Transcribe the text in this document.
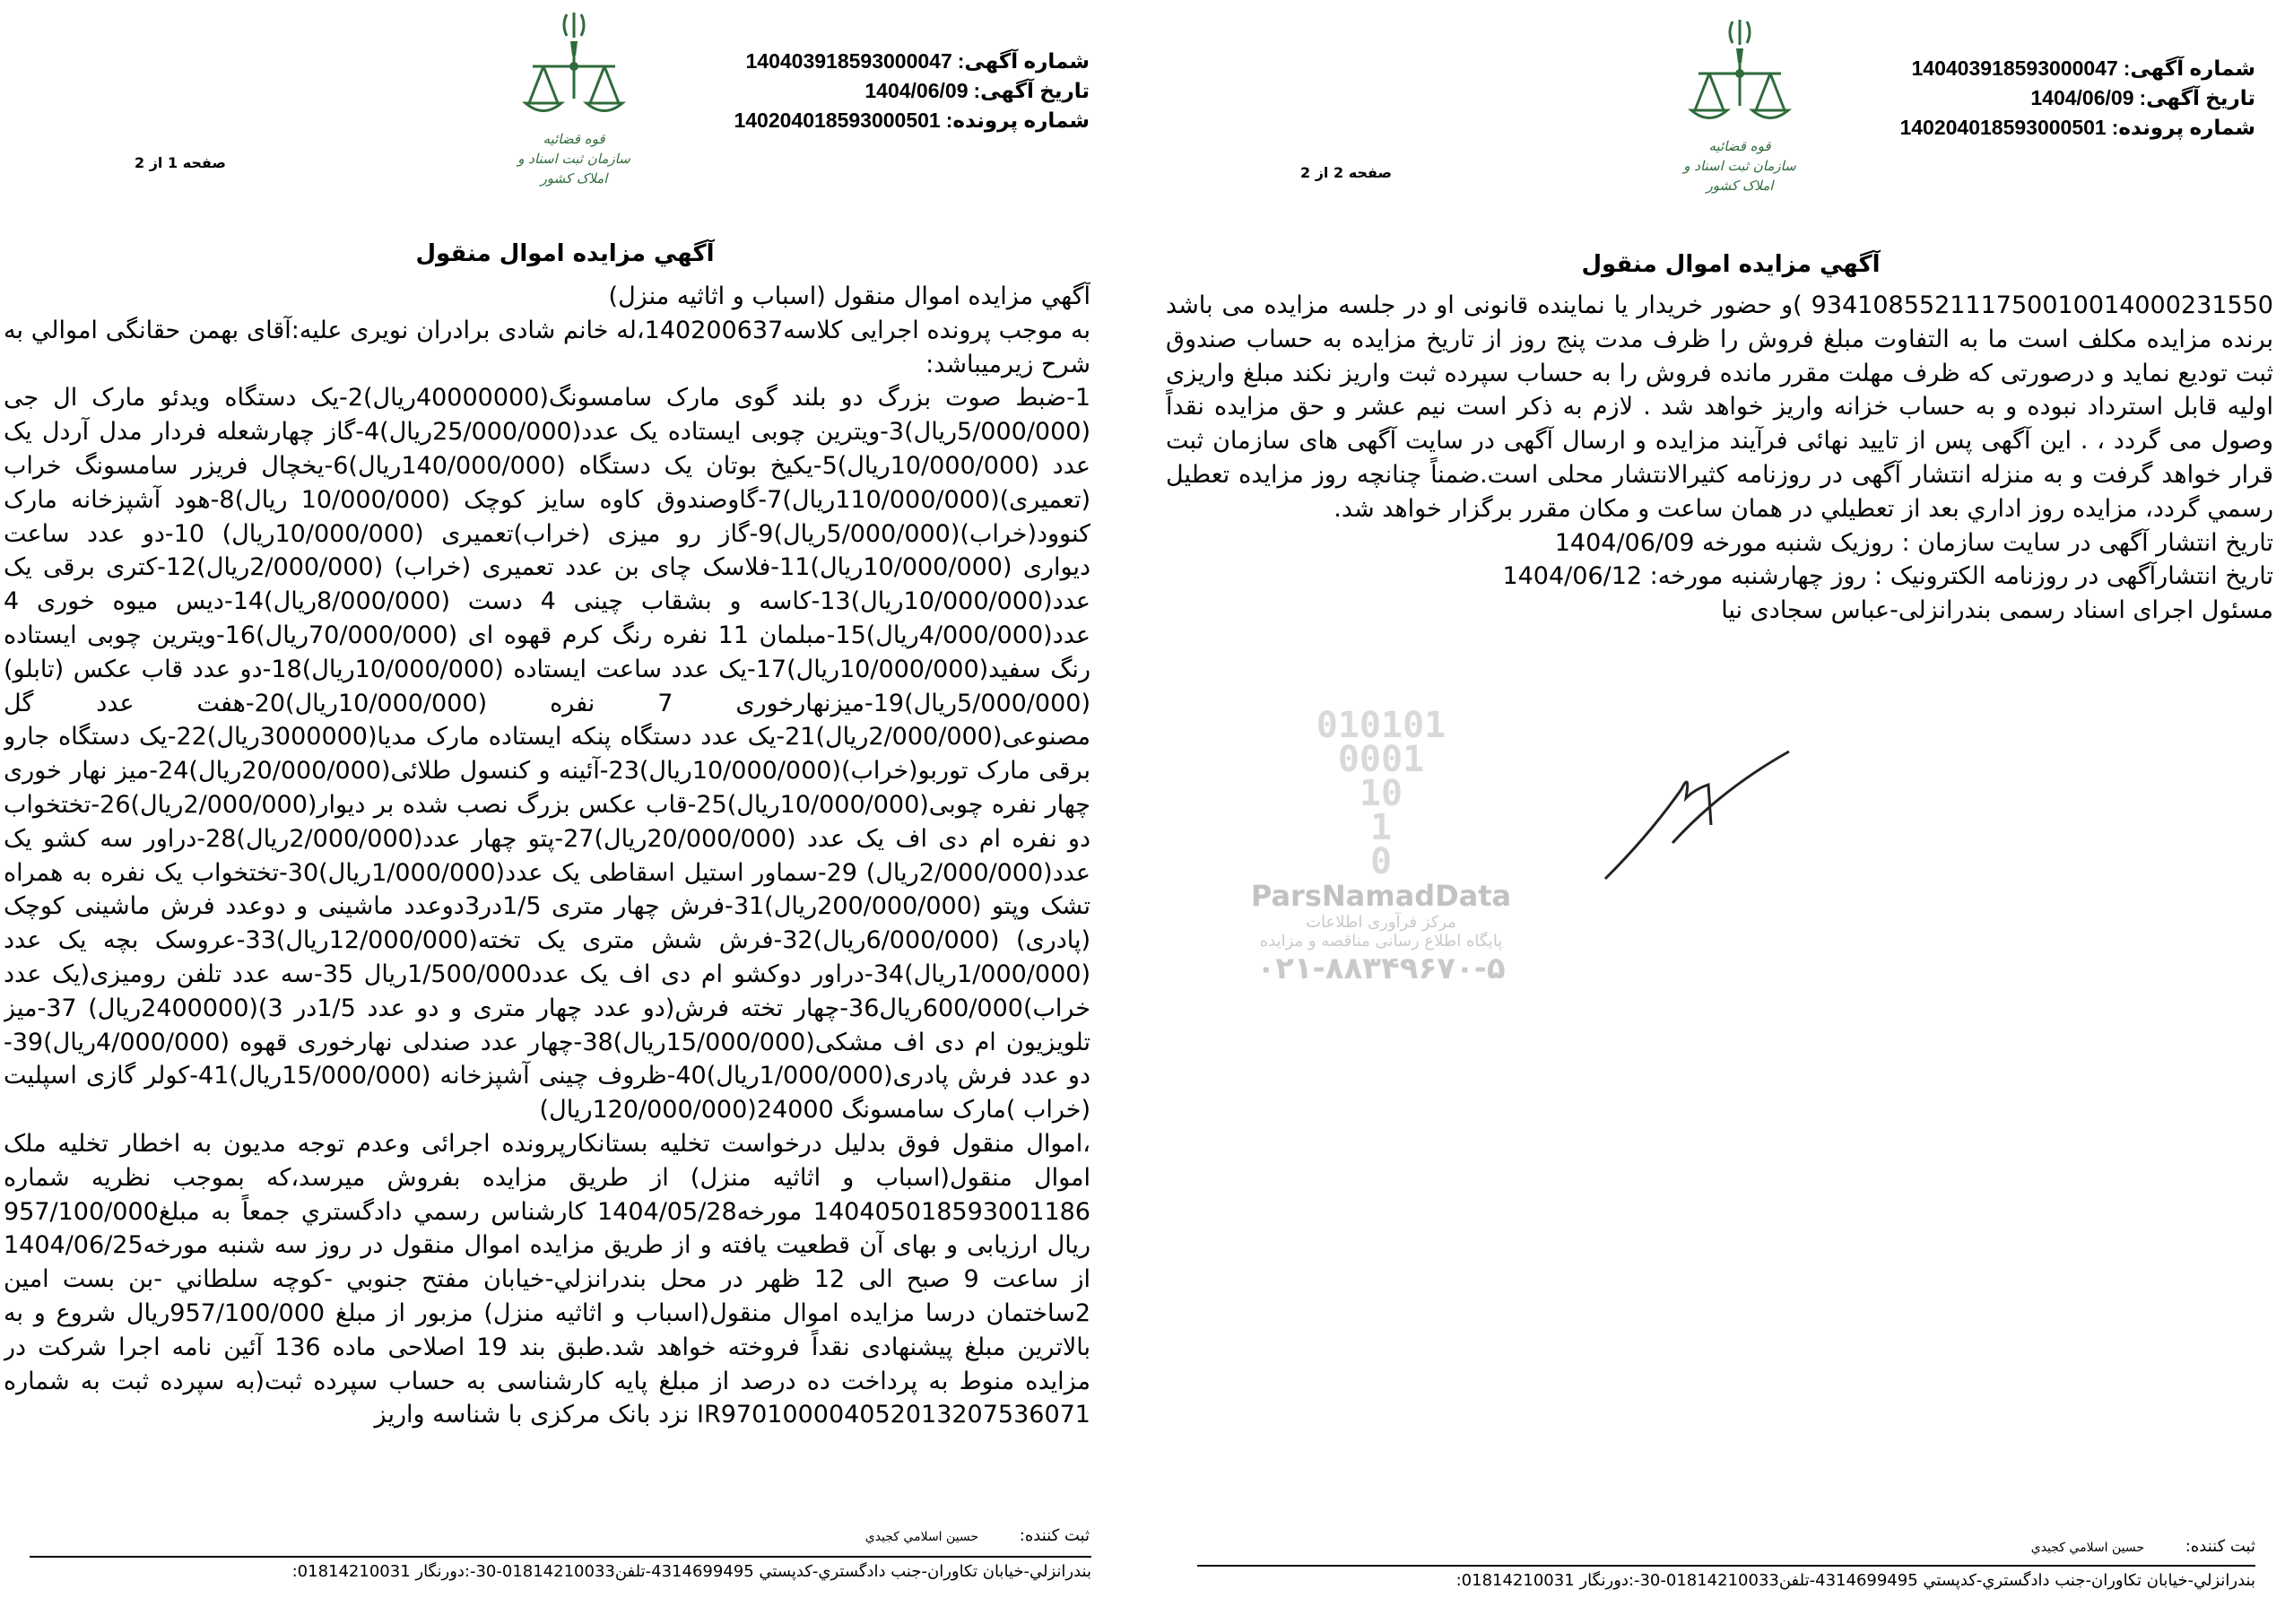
010101
0001
10
1
0
ParsNamadData
مرکز فرآوری اطلاعات
پایگاه اطلاع رسانی مناقصه و مزایده
۰۲۱-۸۸۳۴۹۶۷۰-۵
شماره آگهی:140403918593000047
تاریخ آگهی:1404/06/09
شماره پرونده:140204018593000501
قوه قضائیه
سازمان ثبت اسناد و املاک کشور
صفحه 1 از 2
آگهي مزايده اموال منقول

آگهي مزايده اموال منقول (اسباب و اثاثيه منزل)

به موجب پرونده اجرایی کلاسه140200637،له خانم شادی برادران نویری علیه:آقای بهمن حقانگی اموالي به شرح زیرمیباشد:

1-ضبط صوت بزرگ دو بلند گوی مارک سامسونگ(40000000ریال)2-یک دستگاه ویدئو مارک ال جی (5/000/000ریال)3-ویترین چوبی ایستاده یک عدد(25/000/000ریال)4-گاز چهارشعله فردار مدل آردل یک عدد (10/000/000ریال)5-یکیخ بوتان یک دستگاه (140/000/000ریال)6-یخچال فریزر سامسونگ خراب (تعمیری)(110/000/000ریال)7-گاوصندوق کاوه سایز کوچک (10/000/000 ریال)8-هود آشپزخانه مارک کنوود(خراب)(5/000/000ریال)9-گاز رو میزی (خراب)تعمیری (10/000/000ریال) 10-دو عدد ساعت دیواری (10/000/000ریال)11-فلاسک چای بن عدد تعمیری (خراب) (2/000/000ریال)12-کتری برقی یک عدد(10/000/000ریال)13-کاسه و بشقاب چینی 4 دست (8/000/000ریال)14-دیس میوه خوری 4 عدد(4/000/000ریال)15-مبلمان 11 نفره رنگ کرم قهوه ای (70/000/000ریال)16-ویترین چوبی ایستاده رنگ سفید(10/000/000ریال)17-یک عدد ساعت ایستاده (10/000/000ریال)18-دو عدد قاب عکس (تابلو)(5/000/000ریال)19-میزنهارخوری 7 نفره (10/000/000ریال)20-هفت عدد گل مصنوعی(2/000/000ریال)21-یک عدد دستگاه پنکه ایستاده مارک مدیا(3000000ریال)22-یک دستگاه جارو برقی مارک توربو(خراب)(10/000/000ریال)23-آئینه و کنسول طلائی(20/000/000ریال)24-میز نهار خوری چهار نفره چوبی(10/000/000ریال)25-قاب عکس بزرگ نصب شده بر دیوار(2/000/000ریال)26-تختخواب دو نفره ام دی اف یک عدد (20/000/000ریال)27-پتو چهار عدد(2/000/000ریال)28-دراور سه کشو یک عدد(2/000/000ریال) 29-سماور استیل اسقاطی یک عدد(1/000/000ریال)30-تختخواب یک نفره به همراه تشک وپتو (200/000/000ریال)31-فرش چهار متری 1/5در3دوعدد ماشینی و دوعدد فرش ماشینی کوچک (پادری) (6/000/000ریال)32-فرش شش متری یک تخته(12/000/000ریال)33-عروسک بچه یک عدد (1/000/000ریال)34-دراور دوکشو ام دی اف یک عدد1/500/000ریال 35-سه عدد تلفن رومیزی(یک عدد خراب)600/000ریال36-چهار تخته فرش(دو عدد چهار متری و دو عدد 1/5در 3)(2400000ریال) 37-میز تلویزیون ام دی اف مشکی(15/000/000ریال)38-چهار عدد صندلی نهارخوری قهوه (4/000/000ریال)39-دو عدد فرش پادری(1/000/000ریال)40-ظروف چینی آشپزخانه (15/000/000ریال)41-کولر گازی اسپلیت (خراب )مارک سامسونگ 24000(120/000/000ریال)

،اموال منقول فوق بدلیل درخواست تخلیه بستانکارپرونده اجرائی وعدم توجه مدیون به اخطار تخلیه ملک اموال منقول(اسباب و اثاثيه منزل) از طريق مزايده بفروش ميرسد،كه بموجب نظريه شماره 140405018593001186 مورخه1404/05/28 کارشناس رسمي دادگستري جمعاً به مبلغ957/100/000 ريال ارزيابی و بهای آن قطعيت يافته و از طريق مزايده اموال منقول در روز سه شنبه مورخه1404/06/25 از ساعت 9 صبح الی 12 ظهر در محل بندرانزلي-خيابان مفتح جنوبي -کوچه سلطاني -بن بست امين 2ساختمان درسا مزايده اموال منقول(اسباب و اثاثيه منزل) مزبور از مبلغ 957/100/000ريال شروع و به بالاترين مبلغ پيشنهادی نقداً فروخته خواهد شد.طبق بند 19 اصلاحی ماده 136 آئين نامه اجرا شرکت در مزايده منوط به پرداخت ده درصد از مبلغ پايه کارشناسی به حساب سپرده ثبت(به سپرده ثبت به شماره IR970100004052013207536071 نزد بانک مرکزی با شناسه واريز

ثبت کننده: حسين اسلامي کجيدي
بندرانزلي-خيابان تکاوران-جنب دادگستري-کدپستي 4314699495-تلفن01814210033-30-:دورنگار 01814210031:
شماره آگهی:140403918593000047
تاریخ آگهی:1404/06/09
شماره پرونده:140204018593000501
قوه قضائیه
سازمان ثبت اسناد و املاک کشور
صفحه 2 از 2
آگهي مزايده اموال منقول

934108552111750010014000231550 )و حضور خريدار يا نماينده قانونی او در جلسه مزايده می باشد برنده مزايده مکلف است ما به التفاوت مبلغ فروش را ظرف مدت پنج روز از تاريخ مزايده به حساب صندوق ثبت توديع نمايد و درصورتی که ظرف مهلت مقرر مانده فروش را به حساب سپرده ثبت واريز نکند مبلغ واريزی اوليه قابل استرداد نبوده و به حساب خزانه واريز خواهد شد . لازم به ذکر است نيم عشر و حق مزايده نقداً وصول می گردد ، . اين آگهی پس از تاييد نهائی فرآيند مزايده و ارسال آگهی در سايت آگهی های سازمان ثبت قرار خواهد گرفت و به منزله انتشار آگهی در روزنامه کثيرالانتشار محلی است.ضمناً چنانچه روز مزايده تعطيل رسمي گردد، مزايده روز اداري بعد از تعطيلي در همان ساعت و مکان مقرر برگزار خواهد شد.

تاریخ انتشار آگهی در سایت سازمان : روزیک شنبه مورخه 1404/06/09

تاریخ انتشارآگهی در روزنامه الکترونیک : روز چهارشنبه مورخه: 1404/06/12

مسئول اجرای اسناد رسمی بندرانزلی-عباس سجادی نیا

ثبت کننده: حسين اسلامي کجيدي
بندرانزلي-خيابان تکاوران-جنب دادگستري-کدپستي 4314699495-تلفن01814210033-30-:دورنگار 01814210031:
